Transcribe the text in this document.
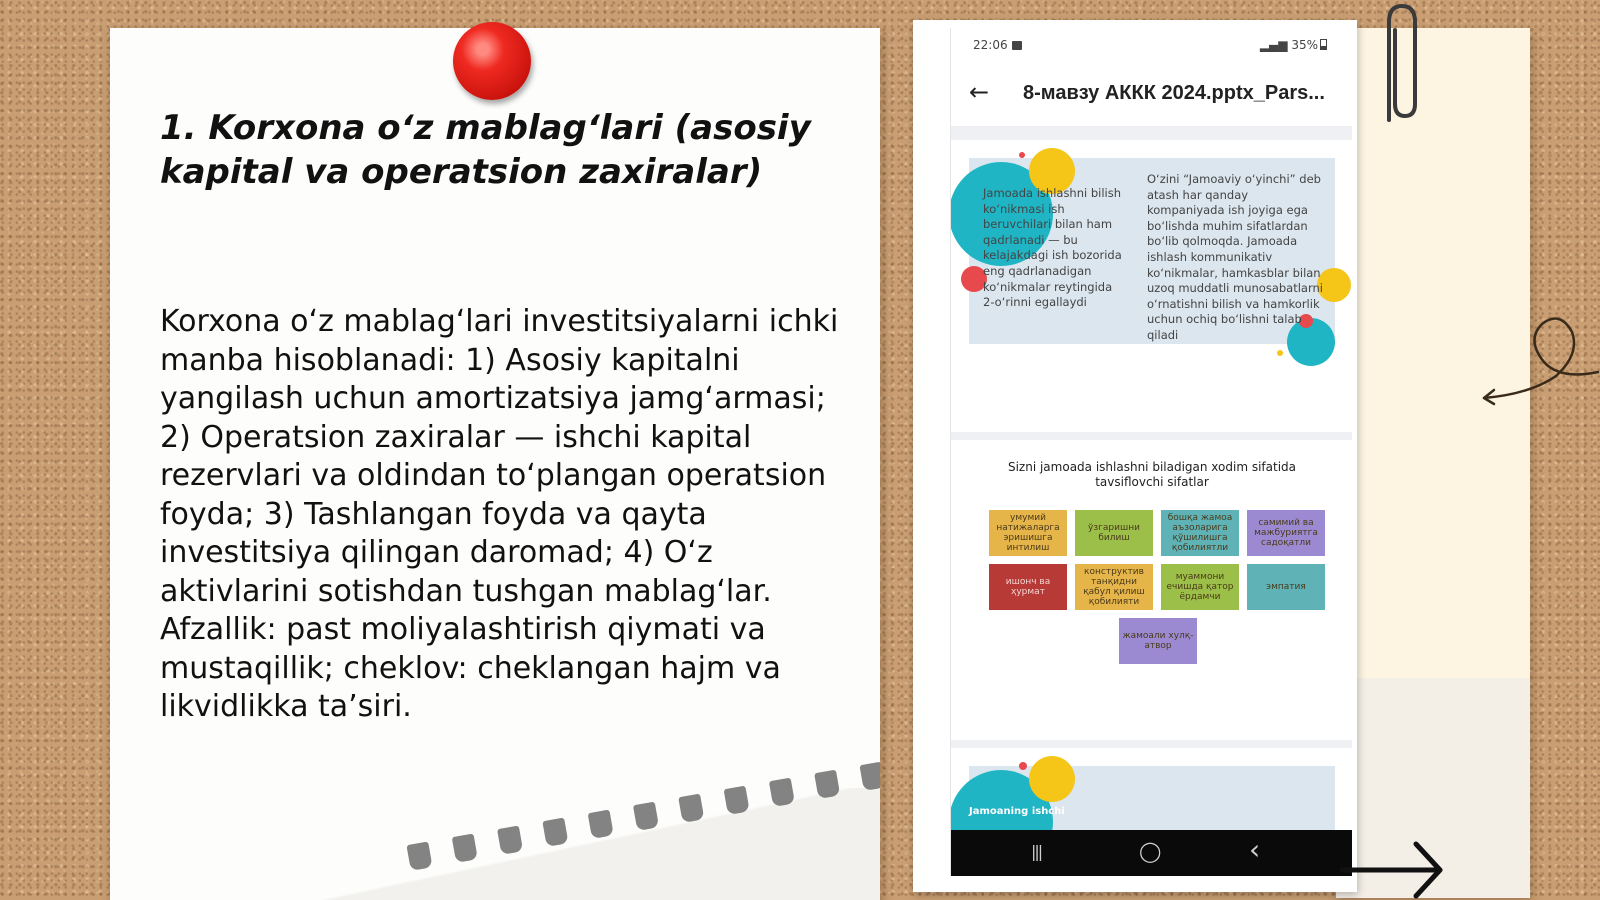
1. Korxona o‘z mablag‘lari (asosiy kapital va operatsion zaxiralar)
Korxona o‘z mablag‘lari investitsiyalarni ichki manba hisoblanadi: 1) Asosiy kapitalni yangilash uchun amortizatsiya jamg‘armasi; 2) Operatsion zaxiralar — ishchi kapital rezervlari va oldindan to‘plangan operatsion foyda; 3) Tashlangan foyda va qayta investitsiya qilingan daromad; 4) O‘z aktivlarini sotishdan tushgan mablag‘lar. Afzallik: past moliyalashtirish qiymati va mustaqillik; cheklov: cheklangan hajm va likvidlikka ta’siri.
22:06	▂▄▆ 35%
← 8-мавзу АККК 2024.pptx_Pars...
Jamoada ishlashni bilish ko‘nikmasi ish beruvchilari bilan ham qadrlanadi — bu kelajakdagi ish bozorida eng qadrlanadigan ko‘nikmalar reytingida 2-o‘rinni egallaydi
O‘zini “Jamoaviy o‘yinchi” deb atash har qanday kompaniyada ish joyiga ega bo‘lishda muhim sifatlardan bo‘lib qolmoqda. Jamoada ishlash kommunikativ ko‘nikmalar, hamkasblar bilan uzoq muddatli munosabatlarni o‘rnatishni bilish va hamkorlik uchun ochiq bo‘lishni talab qiladi
Sizni jamoada ishlashni biladigan xodim sifatida tavsiflovchi sifatlar
умумий натижаларга эришишга интилиш
ўзгаришни билиш
бошқа жамоа аъзоларига қўшилишга қобилиятли
самимий ва мажбуриятга садоқатли
ишонч ва ҳурмат
конструктив танқидни қабул қилиш қобилияти
муаммони ечишда қатор ёрдамчи
эмпатия
жамоали хулқ-атвор
Jamoaning ishchi
|||	◯	‹
